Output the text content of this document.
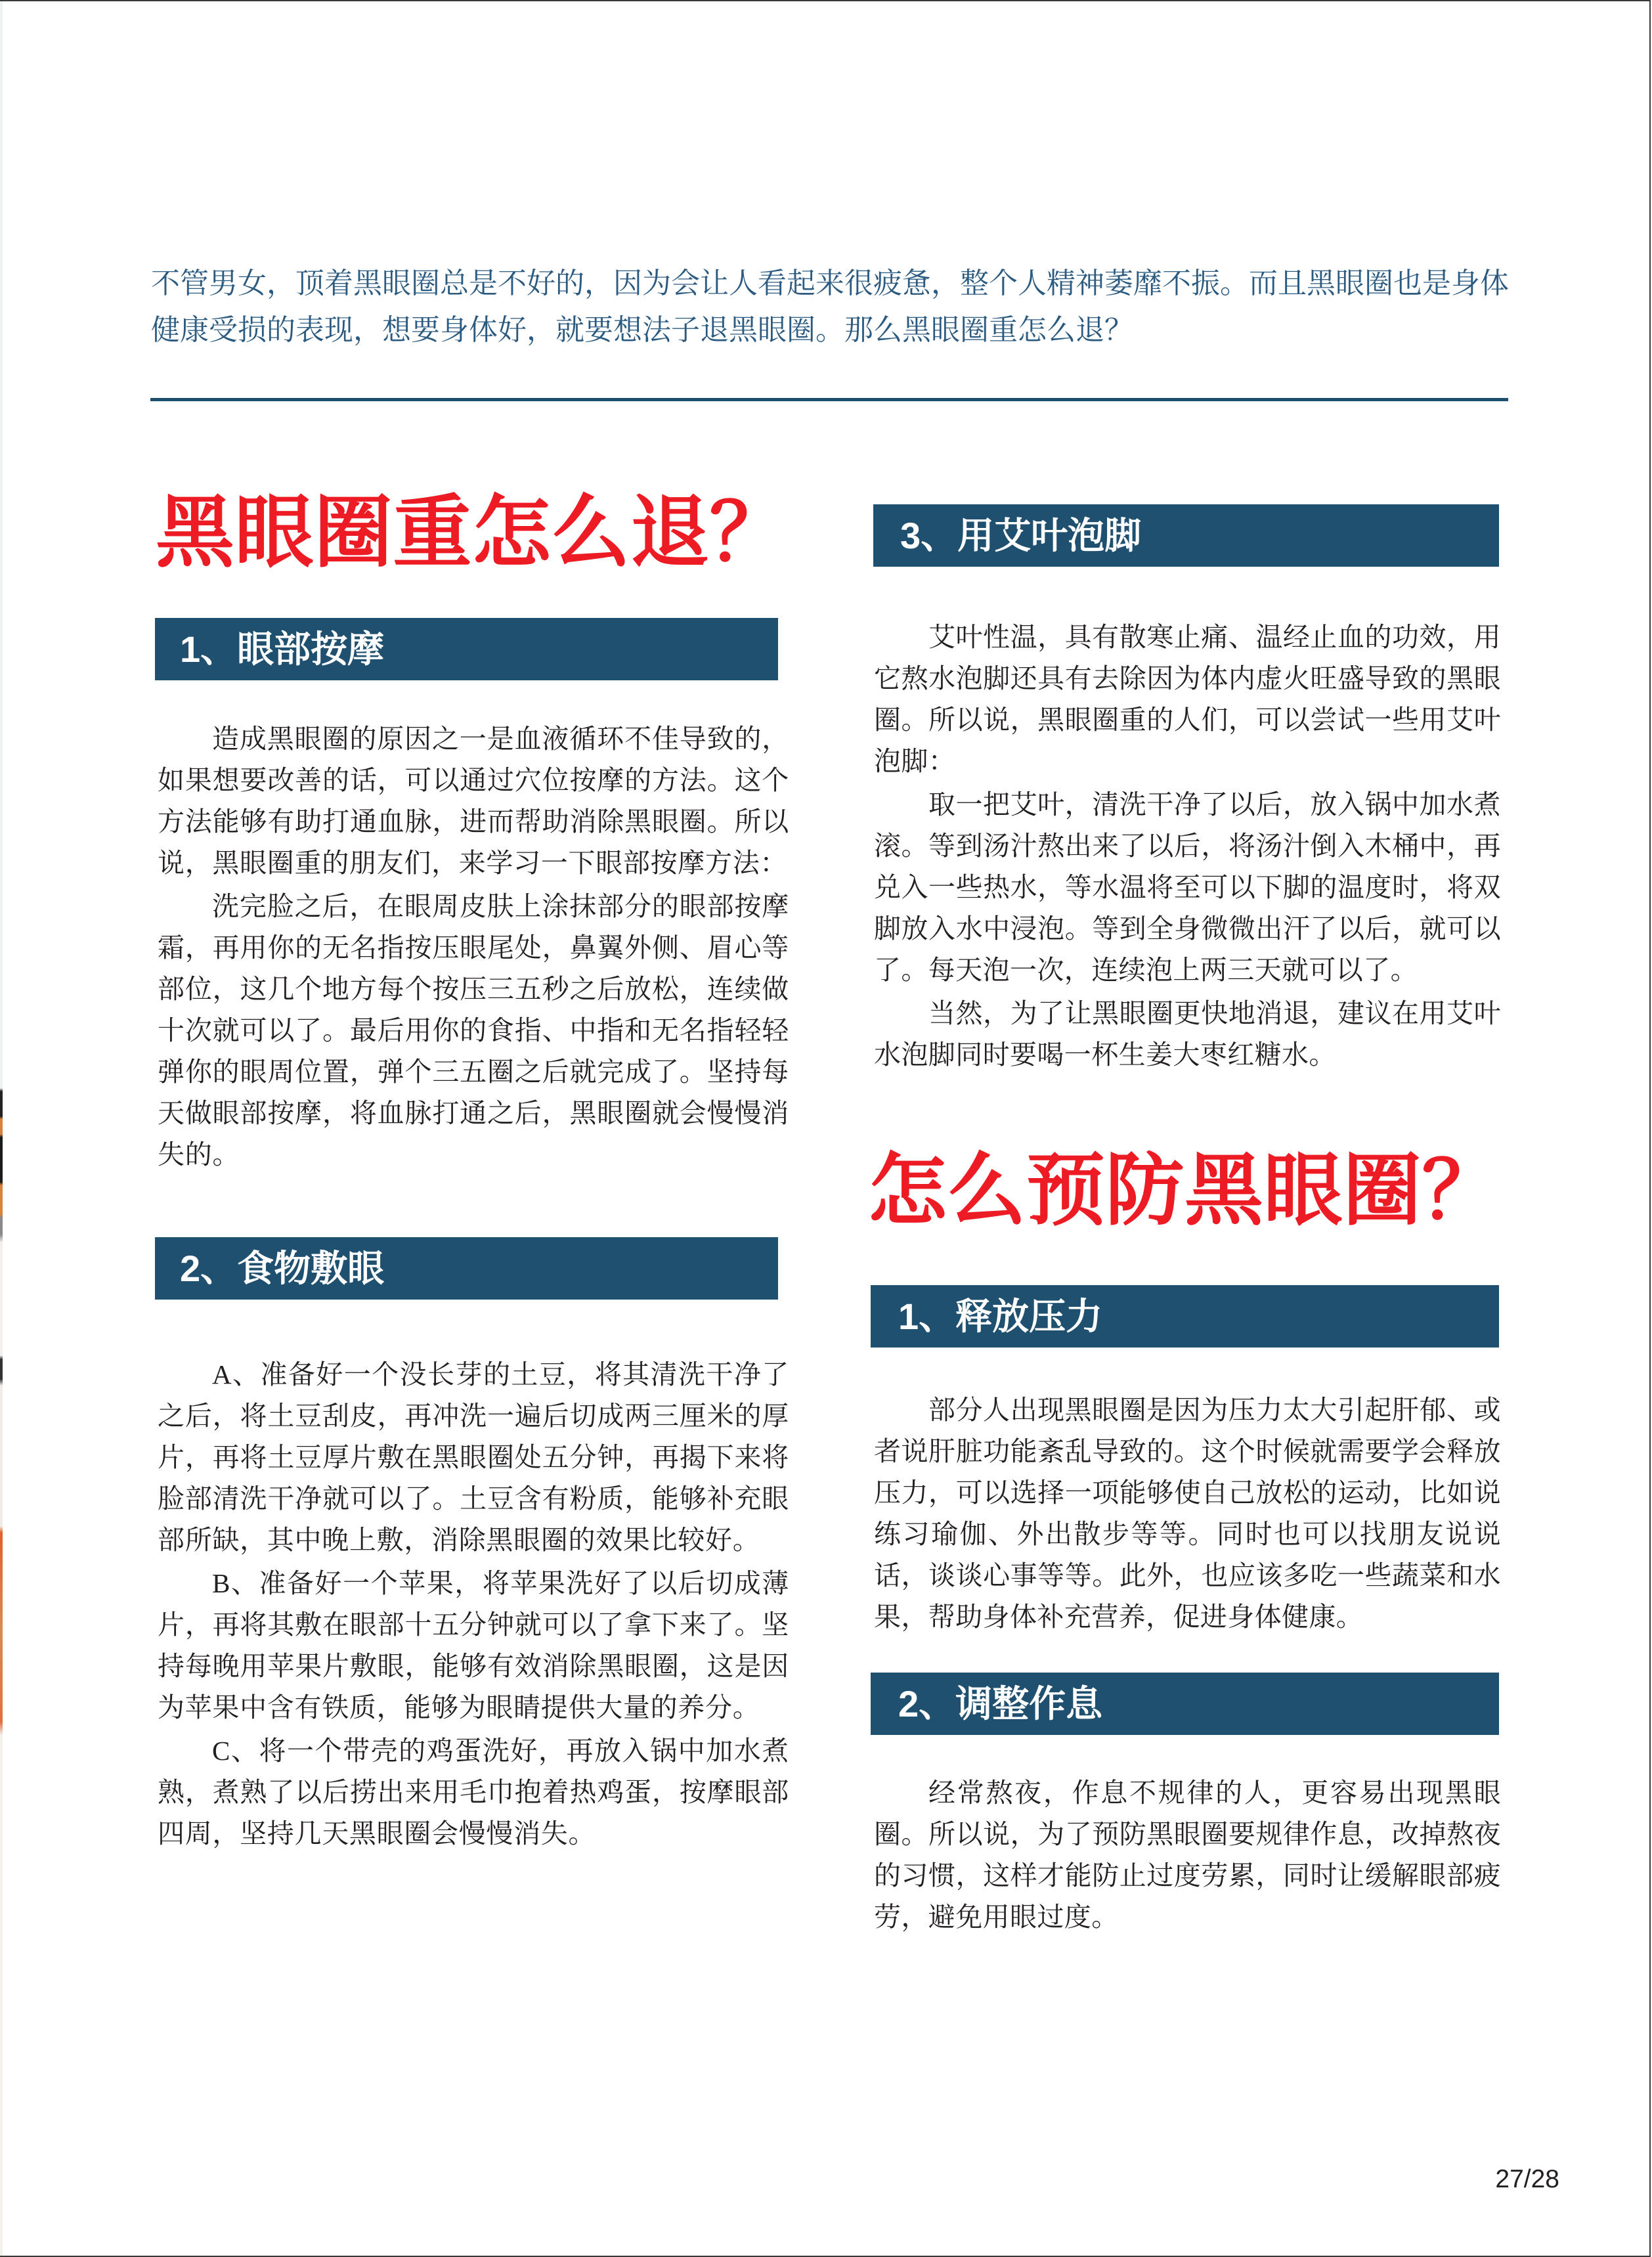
不管男女，顶着黑眼圈总是不好的，因为会让人看起来很疲惫，整个人精神萎靡不振。而且黑眼圈也是身体健康受损的表现，想要身体好，就要想法子退黑眼圈。那么黑眼圈重怎么退？
黑眼圈重怎么退？
1、眼部按摩

造成黑眼圈的原因之一是血液循环不佳导致的，如果想要改善的话，可以通过穴位按摩的方法。这个方法能够有助打通血脉，进而帮助消除黑眼圈。所以说，黑眼圈重的朋友们，来学习一下眼部按摩方法：

洗完脸之后，在眼周皮肤上涂抹部分的眼部按摩霜，再用你的无名指按压眼尾处，鼻翼外侧、眉心等部位，这几个地方每个按压三五秒之后放松，连续做十次就可以了。最后用你的食指、中指和无名指轻轻弹你的眼周位置，弹个三五圈之后就完成了。坚持每天做眼部按摩，将血脉打通之后，黑眼圈就会慢慢消失的。

2、食物敷眼

A、准备好一个没长芽的土豆，将其清洗干净了之后，将土豆刮皮，再冲洗一遍后切成两三厘米的厚片，再将土豆厚片敷在黑眼圈处五分钟，再揭下来将脸部清洗干净就可以了。土豆含有粉质，能够补充眼部所缺，其中晚上敷，消除黑眼圈的效果比较好。

B、准备好一个苹果，将苹果洗好了以后切成薄片，再将其敷在眼部十五分钟就可以了拿下来了。坚持每晚用苹果片敷眼，能够有效消除黑眼圈，这是因为苹果中含有铁质，能够为眼睛提供大量的养分。

C、将一个带壳的鸡蛋洗好，再放入锅中加水煮熟，煮熟了以后捞出来用毛巾抱着热鸡蛋，按摩眼部四周，坚持几天黑眼圈会慢慢消失。

3、用艾叶泡脚

艾叶性温，具有散寒止痛、温经止血的功效，用它熬水泡脚还具有去除因为体内虚火旺盛导致的黑眼圈。所以说，黑眼圈重的人们，可以尝试一些用艾叶泡脚：

取一把艾叶，清洗干净了以后，放入锅中加水煮滚。等到汤汁熬出来了以后，将汤汁倒入木桶中，再兑入一些热水，等水温将至可以下脚的温度时，将双脚放入水中浸泡。等到全身微微出汗了以后，就可以了。每天泡一次，连续泡上两三天就可以了。

当然，为了让黑眼圈更快地消退，建议在用艾叶水泡脚同时要喝一杯生姜大枣红糖水。

怎么预防黑眼圈？
1、释放压力

部分人出现黑眼圈是因为压力太大引起肝郁、或者说肝脏功能紊乱导致的。这个时候就需要学会释放压力，可以选择一项能够使自己放松的运动，比如说练习瑜伽、外出散步等等。同时也可以找朋友说说话，谈谈心事等等。此外，也应该多吃一些蔬菜和水果，帮助身体补充营养，促进身体健康。

2、调整作息

经常熬夜，作息不规律的人，更容易出现黑眼圈。所以说，为了预防黑眼圈要规律作息，改掉熬夜的习惯，这样才能防止过度劳累，同时让缓解眼部疲劳，避免用眼过度。

27/28
